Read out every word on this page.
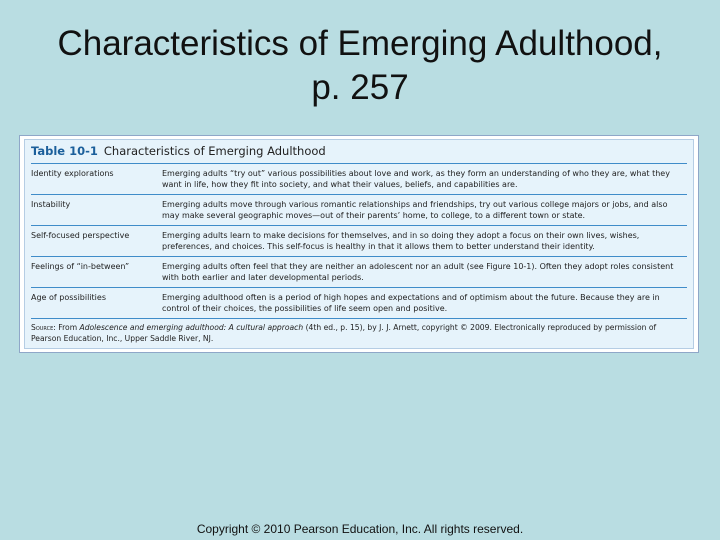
Characteristics of Emerging Adulthood,
p. 257
Table 10-1 Characteristics of Emerging Adulthood
Identity explorations	Emerging adults “try out” various possibilities about love and work, as they form an understanding of who they are, what they want in life, how they fit into society, and what their values, beliefs, and capabilities are.
Instability	Emerging adults move through various romantic relationships and friendships, try out various college majors or jobs, and also may make several geographic moves—out of their parents’ home, to college, to a different town or state.
Self-focused perspective	Emerging adults learn to make decisions for themselves, and in so doing they adopt a focus on their own lives, wishes, preferences, and choices. This self-focus is healthy in that it allows them to better understand their identity.
Feelings of “in-between”	Emerging adults often feel that they are neither an adolescent nor an adult (see Figure 10-1). Often they adopt roles consistent with both earlier and later developmental periods.
Age of possibilities	Emerging adulthood often is a period of high hopes and expectations and of optimism about the future. Because they are in control of their choices, the possibilities of life seem open and positive.
Source: From Adolescence and emerging adulthood: A cultural approach (4th ed., p. 15), by J. J. Arnett, copyright © 2009. Electronically reproduced by permission of Pearson Education, Inc., Upper Saddle River, NJ.
Copyright © 2010 Pearson Education, Inc. All rights reserved.
